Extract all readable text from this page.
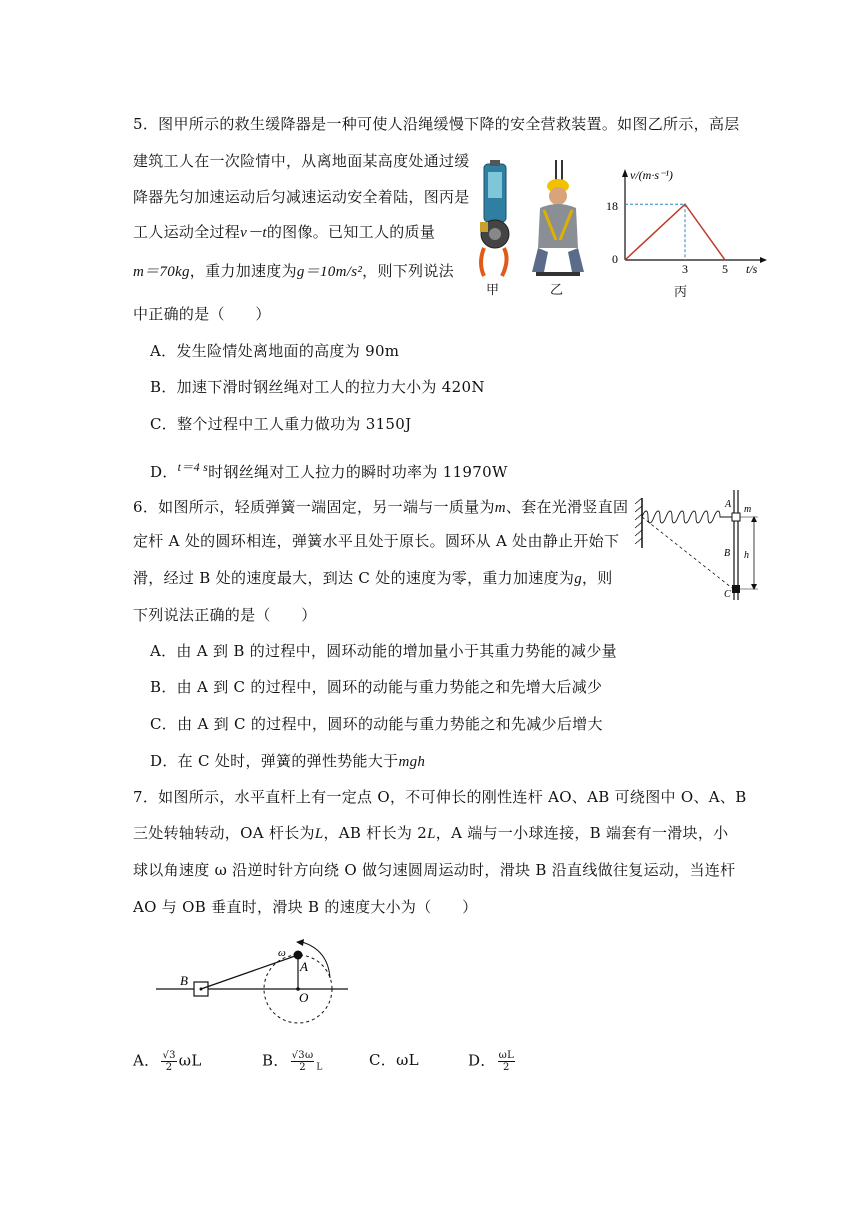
5．图甲所示的救生缓降器是一种可使人沿绳缓慢下降的安全营救装置。如图乙所示，高层
建筑工人在一次险情中，从离地面某高度处通过缓
降器先匀加速运动后匀减速运动安全着陆，图丙是
工人运动全过程v－t的图像。已知工人的质量
m＝70kg，重力加速度为g＝10m/s²，则下列说法
中正确的是（　　）
A．发生险情处离地面的高度为 90m
B．加速下滑时钢丝绳对工人的拉力大小为 420N
C．整个过程中工人重力做功为 3150J
D．$^{t=4 s}$时钢丝绳对工人拉力的瞬时功率为 11970W
甲	乙
v/(m·s⁻¹)
t/s
18
0
3	5
丙
6．如图所示，轻质弹簧一端固定，另一端与一质量为m、套在光滑竖直固
定杆 A 处的圆环相连，弹簧水平且处于原长。圆环从 A 处由静止开始下
滑，经过 B 处的速度最大，到达 C 处的速度为零，重力加速度为g，则
下列说法正确的是（　　）
A．由 A 到 B 的过程中，圆环动能的增加量小于其重力势能的减少量
B．由 A 到 C 的过程中，圆环的动能与重力势能之和先增大后减少
C．由 A 到 C 的过程中，圆环的动能与重力势能之和先减少后增大
D．在 C 处时，弹簧的弹性势能大于mgh
A m
B h
C
7．如图所示，水平直杆上有一定点 O，不可伸长的刚性连杆 AO、AB 可绕图中 O、A、B
三处转轴转动，OA 杆长为L，AB 杆长为 2L，A 端与一小球连接，B 端套有一滑块，小
球以角速度 ω 沿逆时针方向绕 O 做匀速圆周运动时，滑块 B 沿直线做往复运动，当连杆
AO 与 OB 垂直时，滑块 B 的速度大小为（　　）
B
A
O
ω
A． $\frac{√3}{2}$ ωL	B． $\frac{√3\omega}{2} _L$	C．ωL	D． $\frac{\omega L}{2}$
